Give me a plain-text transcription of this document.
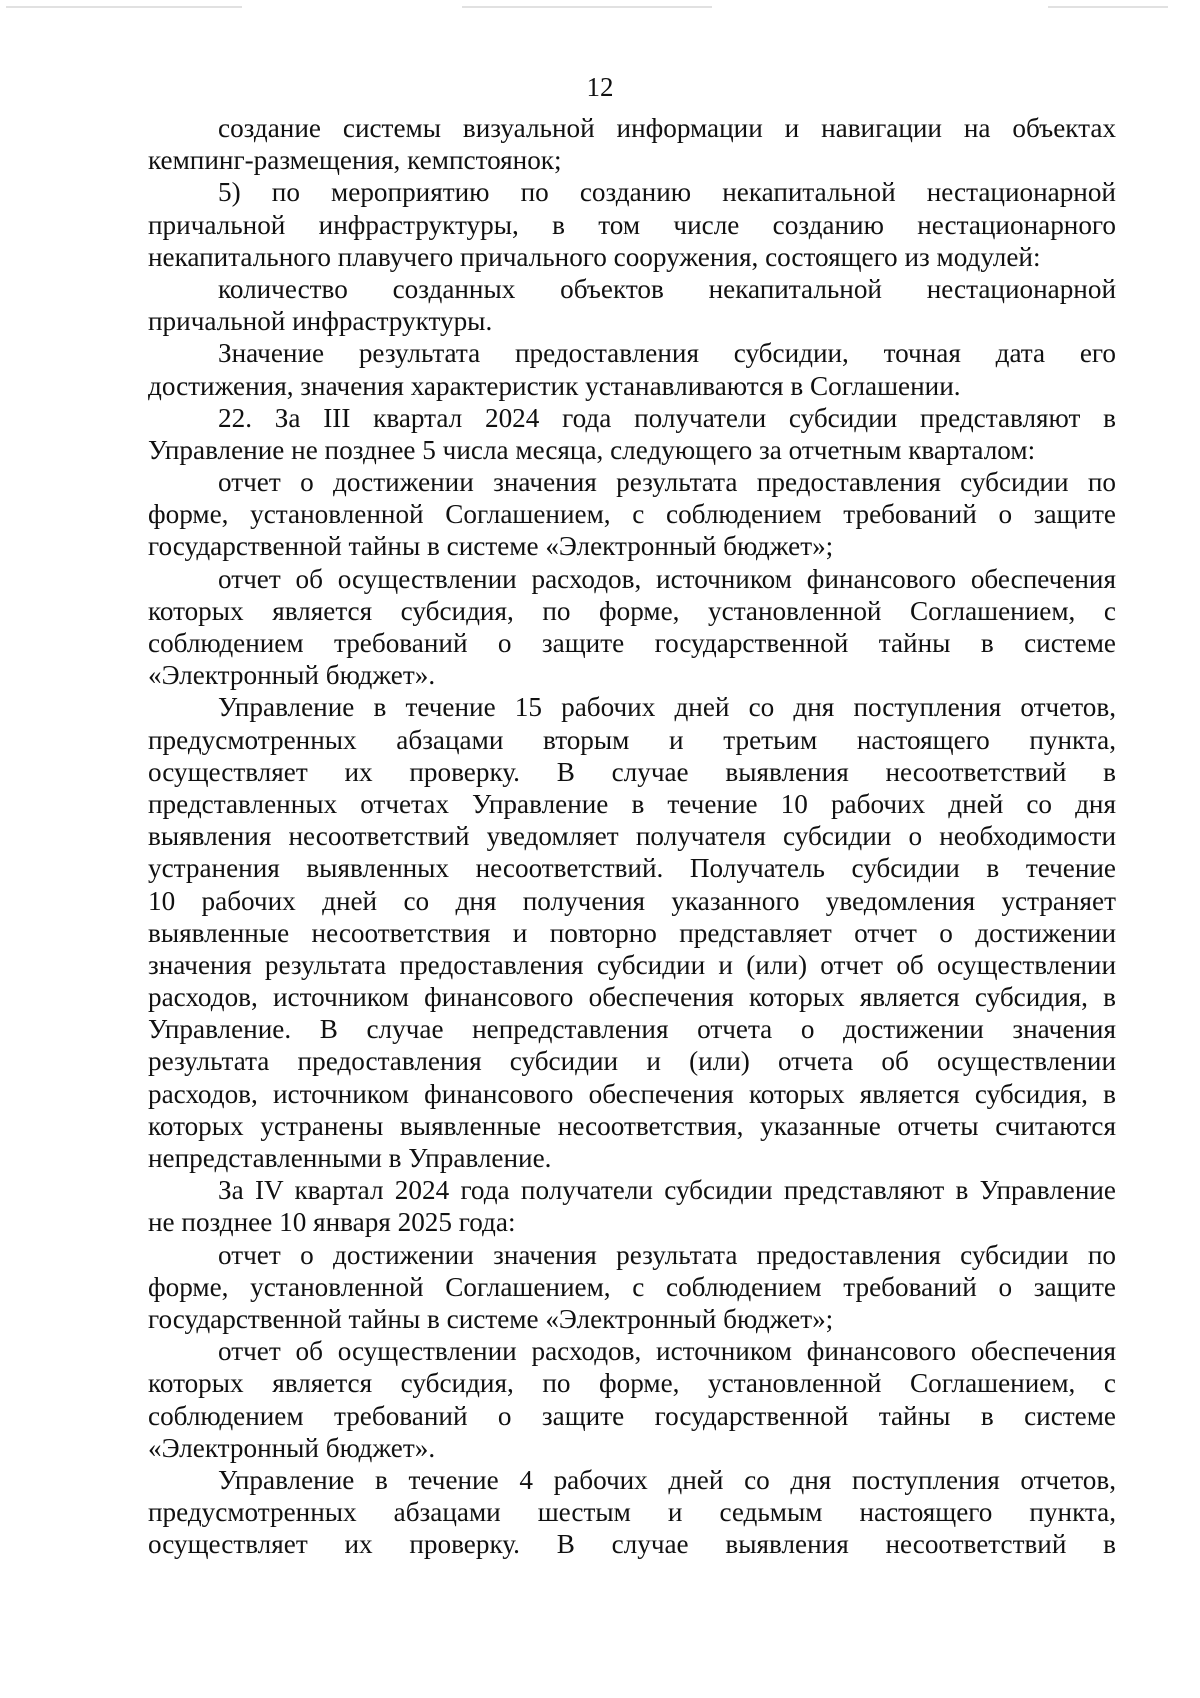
12
создание системы визуальной информации и навигации на объектах
кемпинг-размещения, кемпстоянок;
5) по мероприятию по созданию некапитальной нестационарной
причальной инфраструктуры, в том числе созданию нестационарного
некапитального плавучего причального сооружения, состоящего из модулей:
количество созданных объектов некапитальной нестационарной
причальной инфраструктуры.
Значение результата предоставления субсидии, точная дата его
достижения, значения характеристик устанавливаются в Соглашении.
22. За III квартал 2024 года получатели субсидии представляют в
Управление не позднее 5 числа месяца, следующего за отчетным кварталом:
отчет о достижении значения результата предоставления субсидии по
форме, установленной Соглашением, с соблюдением требований о защите
государственной тайны в системе «Электронный бюджет»;
отчет об осуществлении расходов, источником финансового обеспечения
которых является субсидия, по форме, установленной Соглашением, с
соблюдением требований о защите государственной тайны в системе
«Электронный бюджет».
Управление в течение 15 рабочих дней со дня поступления отчетов,
предусмотренных абзацами вторым и третьим настоящего пункта,
осуществляет их проверку. В случае выявления несоответствий в
представленных отчетах Управление в течение 10 рабочих дней со дня
выявления несоответствий уведомляет получателя субсидии о необходимости
устранения выявленных несоответствий. Получатель субсидии в течение
10 рабочих дней со дня получения указанного уведомления устраняет
выявленные несоответствия и повторно представляет отчет о достижении
значения результата предоставления субсидии и (или) отчет об осуществлении
расходов, источником финансового обеспечения которых является субсидия, в
Управление. В случае непредставления отчета о достижении значения
результата предоставления субсидии и (или) отчета об осуществлении
расходов, источником финансового обеспечения которых является субсидия, в
которых устранены выявленные несоответствия, указанные отчеты считаются
непредставленными в Управление.
За IV квартал 2024 года получатели субсидии представляют в Управление
не позднее 10 января 2025 года:
отчет о достижении значения результата предоставления субсидии по
форме, установленной Соглашением, с соблюдением требований о защите
государственной тайны в системе «Электронный бюджет»;
отчет об осуществлении расходов, источником финансового обеспечения
которых является субсидия, по форме, установленной Соглашением, с
соблюдением требований о защите государственной тайны в системе
«Электронный бюджет».
Управление в течение 4 рабочих дней со дня поступления отчетов,
предусмотренных абзацами шестым и седьмым настоящего пункта,
осуществляет их проверку. В случае выявления несоответствий в
